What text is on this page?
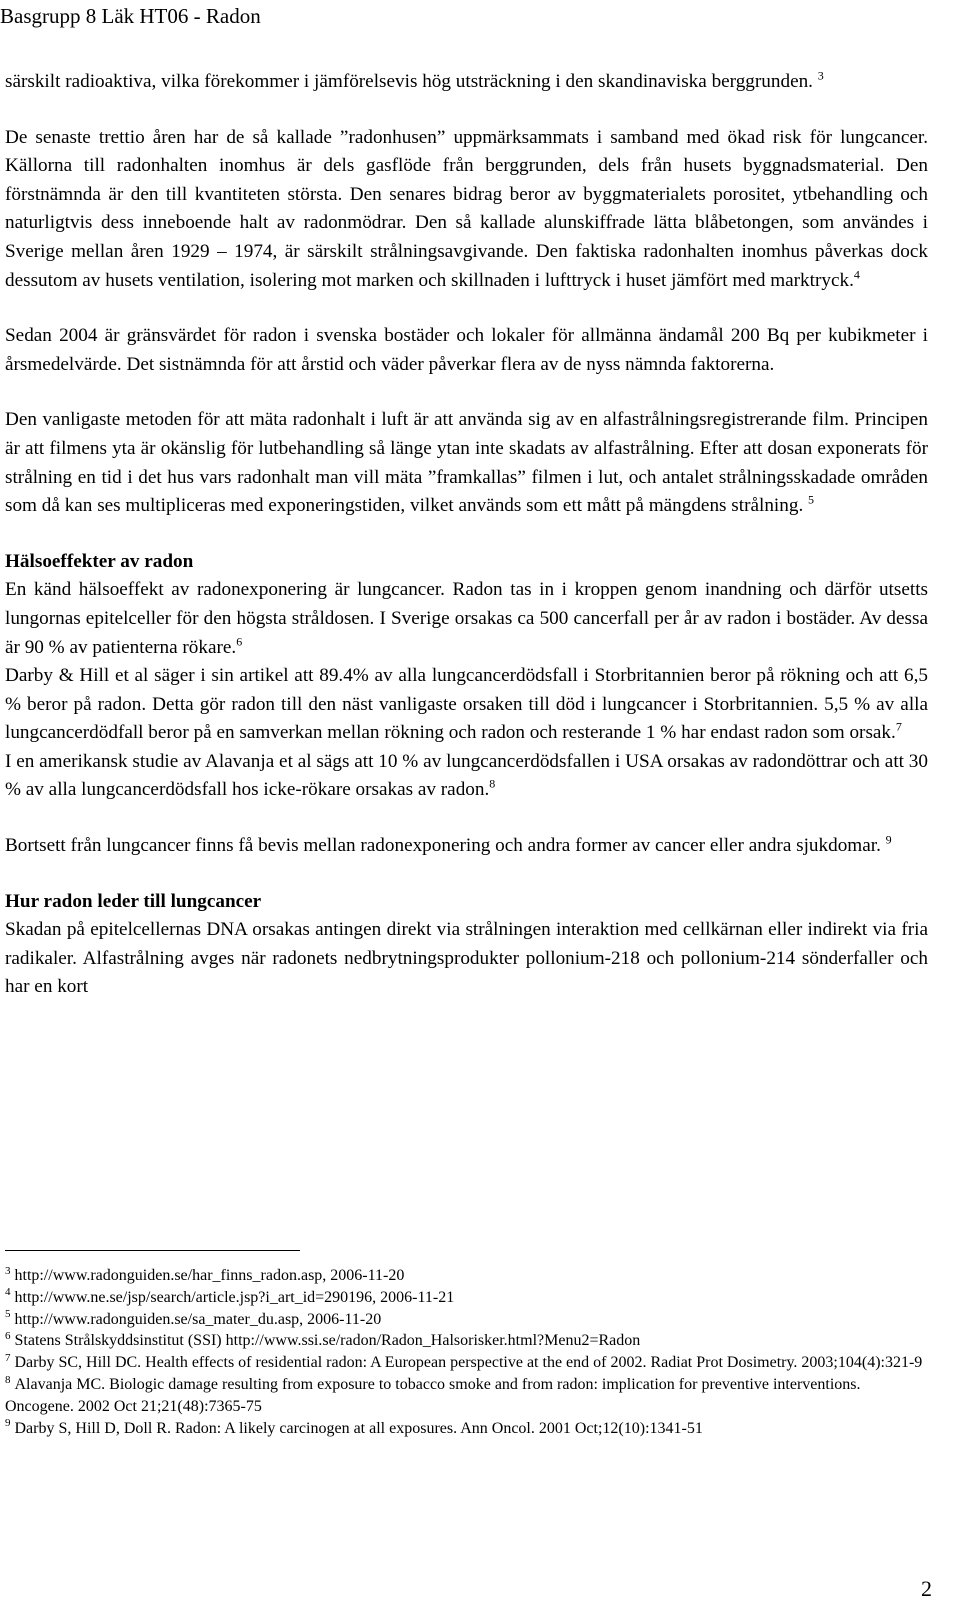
Basgrupp 8 Läk HT06 - Radon

särskilt radioaktiva, vilka förekommer i jämförelsevis hög utsträckning i den skandinaviska berggrunden. $^3$

De senaste trettio åren har de så kallade ”radonhusen” uppmärksammats i samband med ökad risk för lungcancer. Källorna till radonhalten inomhus är dels gasflöde från berggrunden, dels från husets byggnadsmaterial. Den förstnämnda är den till kvantiteten största. Den senares bidrag beror av byggmaterialets porositet, ytbehandling och naturligtvis dess inneboende halt av radonmödrar. Den så kallade alunskiffrade lätta blåbetongen, som användes i Sverige mellan åren 1929 – 1974, är särskilt strålningsavgivande. Den faktiska radonhalten inomhus påverkas dock dessutom av husets ventilation, isolering mot marken och skillnaden i lufttryck i huset jämfört med marktryck.$^4$

Sedan 2004 är gränsvärdet för radon i svenska bostäder och lokaler för allmänna ändamål 200 Bq per kubikmeter i årsmedelvärde. Det sistnämnda för att årstid och väder påverkar flera av de nyss nämnda faktorerna.

Den vanligaste metoden för att mäta radonhalt i luft är att använda sig av en alfastrålningsregistrerande film. Principen är att filmens yta är okänslig för lutbehandling så länge ytan inte skadats av alfastrålning. Efter att dosan exponerats för strålning en tid i det hus vars radonhalt man vill mäta ”framkallas” filmen i lut, och antalet strålningsskadade områden som då kan ses multipliceras med exponeringstiden, vilket används som ett mått på mängdens strålning. $^5$

Hälsoeffekter av radon

En känd hälsoeffekt av radonexponering är lungcancer. Radon tas in i kroppen genom inandning och därför utsetts lungornas epitelceller för den högsta stråldosen. I Sverige orsakas ca 500 cancerfall per år av radon i bostäder. Av dessa är 90 % av patienterna rökare.$^6$

Darby & Hill et al säger i sin artikel att 89.4% av alla lungcancerdödsfall i Storbritannien beror på rökning och att 6,5 % beror på radon. Detta gör radon till den näst vanligaste orsaken till död i lungcancer i Storbritannien. 5,5 % av alla lungcancerdödfall beror på en samverkan mellan rökning och radon och resterande 1 % har endast radon som orsak.$^7$

I en amerikansk studie av Alavanja et al sägs att 10 % av lungcancerdödsfallen i USA orsakas av radondöttrar och att 30 % av alla lungcancerdödsfall hos icke-rökare orsakas av radon.$^8$

Bortsett från lungcancer finns få bevis mellan radonexponering och andra former av cancer eller andra sjukdomar. $^9$

Hur radon leder till lungcancer

Skadan på epitelcellernas DNA orsakas antingen direkt via strålningen interaktion med cellkärnan eller indirekt via fria radikaler. Alfastrålning avges när radonets nedbrytningsprodukter pollonium-218 och pollonium-214 sönderfaller och har en kort

$^3$ http://www.radonguiden.se/har_finns_radon.asp, 2006-11-20

$^4$ http://www.ne.se/jsp/search/article.jsp?i_art_id=290196, 2006-11-21

$^5$ http://www.radonguiden.se/sa_mater_du.asp, 2006-11-20

$^6$ Statens Strålskyddsinstitut (SSI) http://www.ssi.se/radon/Radon_Halsorisker.html?Menu2=Radon

$^7$ Darby SC, Hill DC. Health effects of residential radon: A European perspective at the end of 2002. Radiat Prot Dosimetry. 2003;104(4):321-9

$^8$ Alavanja MC. Biologic damage resulting from exposure to tobacco smoke and from radon: implication for preventive interventions. Oncogene. 2002 Oct 21;21(48):7365-75

$^9$ Darby S, Hill D, Doll R. Radon: A likely carcinogen at all exposures. Ann Oncol. 2001 Oct;12(10):1341-51

2
